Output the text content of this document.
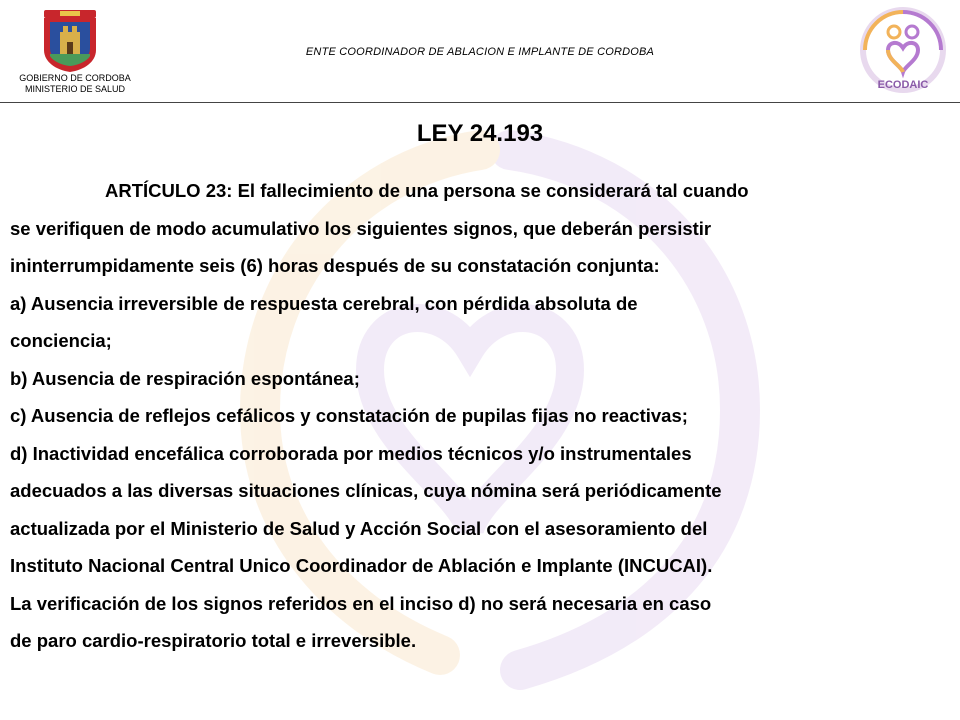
GOBIERNO DE CORDOBA
MINISTERIO DE SALUD
ENTE COORDINADOR DE ABLACION E IMPLANTE DE CORDOBA
ECODAIC
LEY 24.193
ARTÍCULO 23: El fallecimiento de una persona se considerará tal cuando
se verifiquen de modo acumulativo los siguientes signos, que deberán persistir
ininterrumpidamente seis (6) horas después de su constatación conjunta:
a) Ausencia irreversible de respuesta cerebral, con pérdida absoluta de
conciencia;
b) Ausencia de respiración espontánea;
c) Ausencia de reflejos cefálicos y constatación de pupilas fijas no reactivas;
d) Inactividad encefálica corroborada por medios técnicos y/o instrumentales
adecuados a las diversas situaciones clínicas, cuya nómina será periódicamente
actualizada por el Ministerio de Salud y Acción Social con el asesoramiento del
Instituto Nacional Central Unico Coordinador de Ablación e Implante (INCUCAI).
La verificación de los signos referidos en el inciso d) no será necesaria en caso
de paro cardio-respiratorio total e irreversible.
